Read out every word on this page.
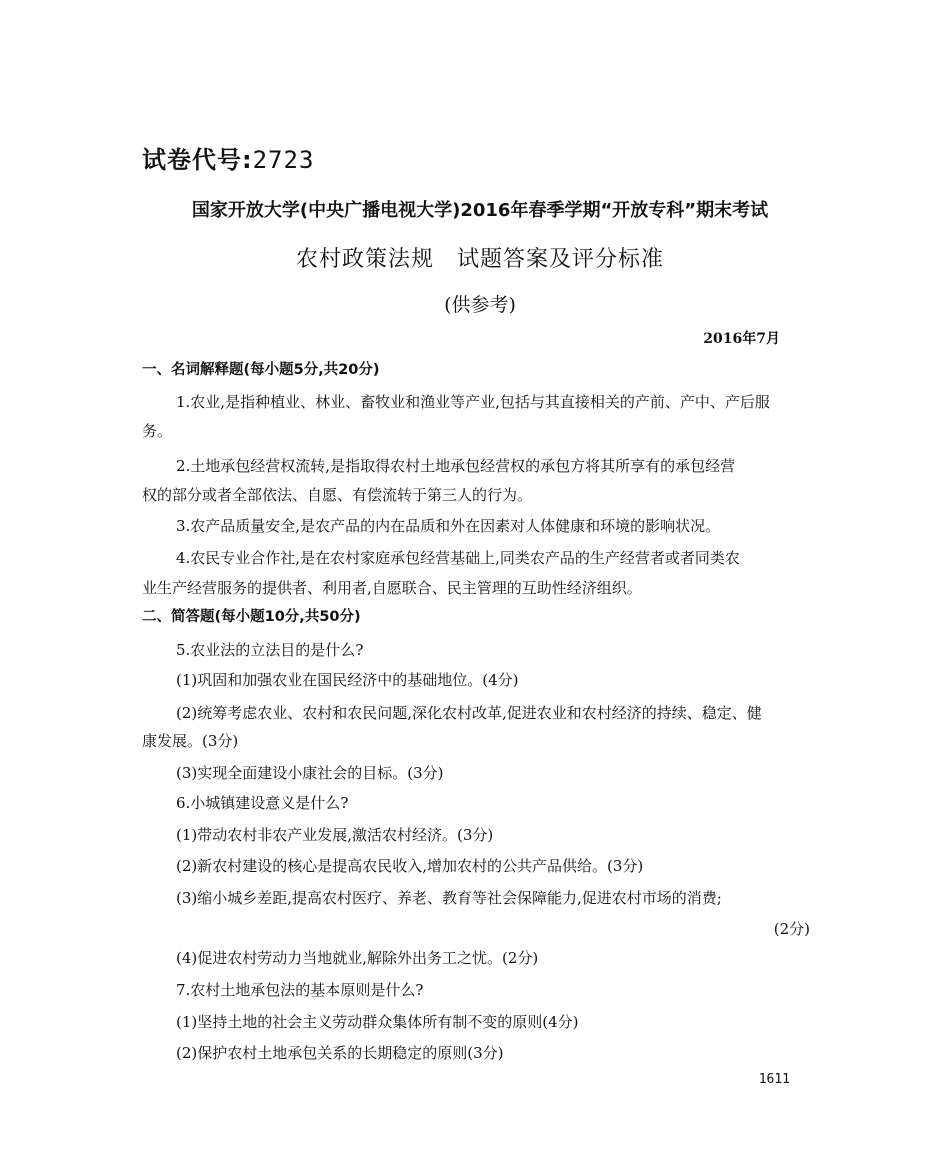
试卷代号:2723
国家开放大学(中央广播电视大学)2016年春季学期“开放专科”期末考试
农村政策法规　试题答案及评分标准
(供参考)
2016年7月
一、名词解释题(每小题5分,共20分)
1.农业,是指种植业、林业、畜牧业和渔业等产业,包括与其直接相关的产前、产中、产后服
务。
2.土地承包经营权流转,是指取得农村土地承包经营权的承包方将其所享有的承包经营
权的部分或者全部依法、自愿、有偿流转于第三人的行为。
3.农产品质量安全,是农产品的内在品质和外在因素对人体健康和环境的影响状况。
4.农民专业合作社,是在农村家庭承包经营基础上,同类农产品的生产经营者或者同类农
业生产经营服务的提供者、利用者,自愿联合、民主管理的互助性经济组织。
二、简答题(每小题10分,共50分)
5.农业法的立法目的是什么?
(1)巩固和加强农业在国民经济中的基础地位。(4分)
(2)统筹考虑农业、农村和农民问题,深化农村改革,促进农业和农村经济的持续、稳定、健
康发展。(3分)
(3)实现全面建设小康社会的目标。(3分)
6.小城镇建设意义是什么?
(1)带动农村非农产业发展,激活农村经济。(3分)
(2)新农村建设的核心是提高农民收入,增加农村的公共产品供给。(3分)
(3)缩小城乡差距,提高农村医疗、养老、教育等社会保障能力,促进农村市场的消费;
(2分)
(4)促进农村劳动力当地就业,解除外出务工之忧。(2分)
7.农村土地承包法的基本原则是什么?
(1)坚持土地的社会主义劳动群众集体所有制不变的原则(4分)
(2)保护农村土地承包关系的长期稳定的原则(3分)
1611
